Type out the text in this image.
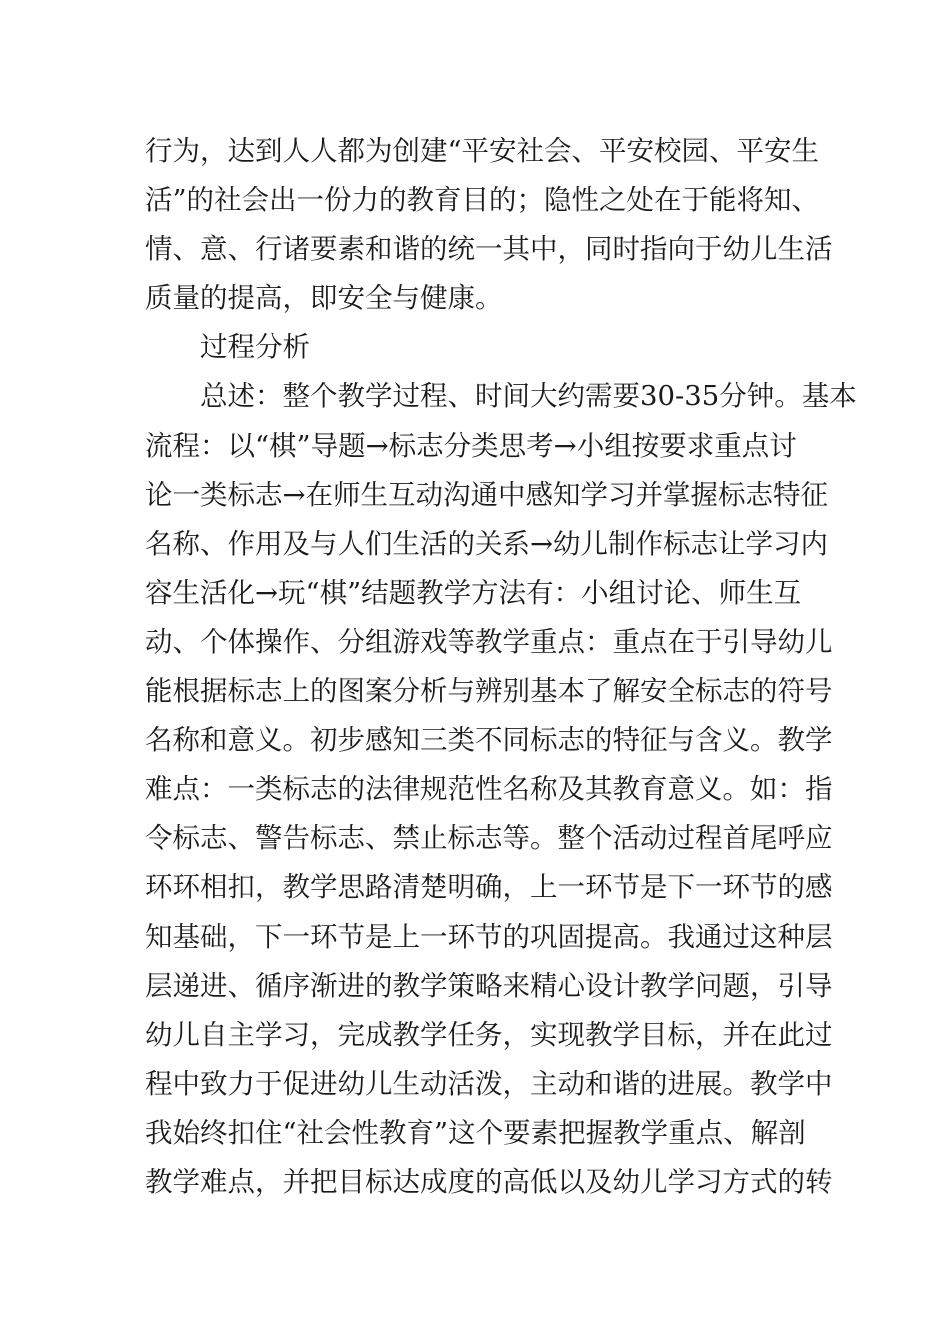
行为，达到人人都为创建“平安社会、平安校园、平安生
活”的社会出一份力的教育目的；隐性之处在于能将知、
情、意、行诸要素和谐的统一其中，同时指向于幼儿生活
质量的提高，即安全与健康。
过程分析
总述：整个教学过程、时间大约需要30-35分钟。基本
流程：以“棋”导题→标志分类思考→小组按要求重点讨
论一类标志→在师生互动沟通中感知学习并掌握标志特征
名称、作用及与人们生活的关系→幼儿制作标志让学习内
容生活化→玩“棋”结题教学方法有：小组讨论、师生互
动、个体操作、分组游戏等教学重点：重点在于引导幼儿
能根据标志上的图案分析与辨别基本了解安全标志的符号
名称和意义。初步感知三类不同标志的特征与含义。教学
难点：一类标志的法律规范性名称及其教育意义。如：指
令标志、警告标志、禁止标志等。整个活动过程首尾呼应
环环相扣，教学思路清楚明确，上一环节是下一环节的感
知基础，下一环节是上一环节的巩固提高。我通过这种层
层递进、循序渐进的教学策略来精心设计教学问题，引导
幼儿自主学习，完成教学任务，实现教学目标，并在此过
程中致力于促进幼儿生动活泼，主动和谐的进展。教学中
我始终扣住“社会性教育”这个要素把握教学重点、解剖
教学难点，并把目标达成度的高低以及幼儿学习方式的转
